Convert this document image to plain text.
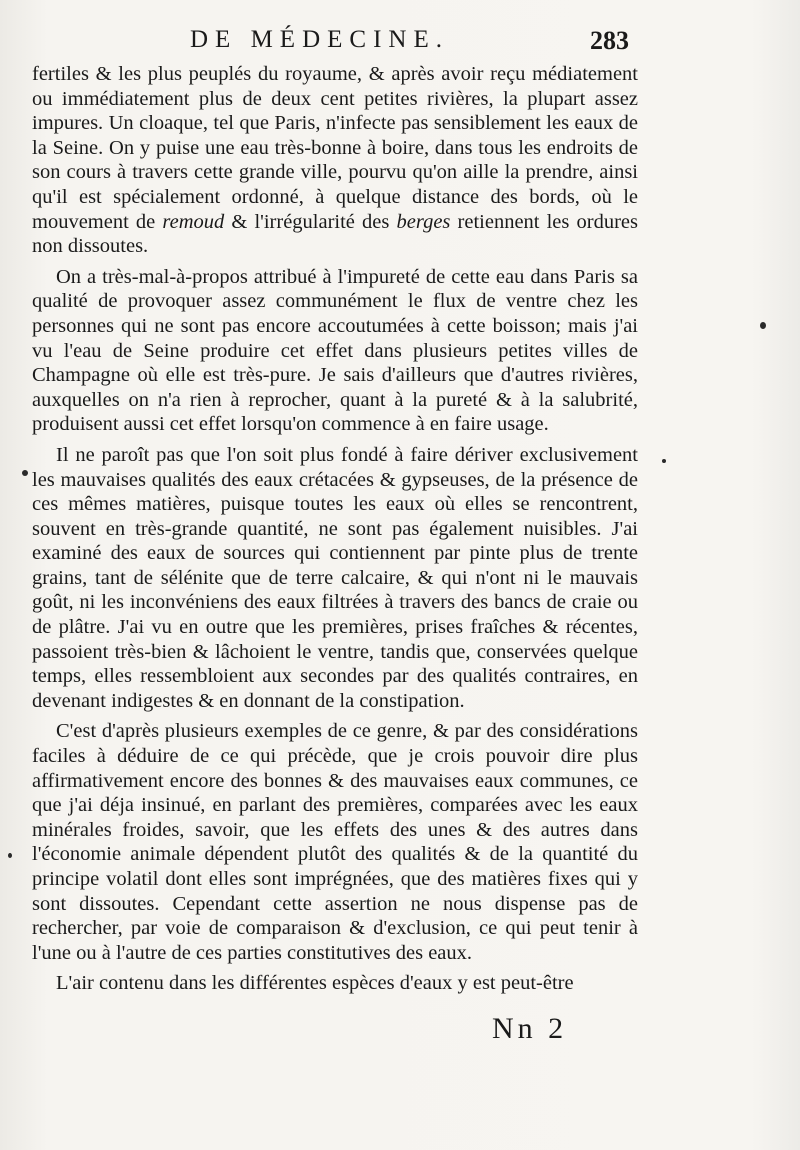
DE MÉDECINE.	283

fertiles & les plus peuplés du royaume, & après avoir reçu médiatement ou immédiatement plus de deux cent petites rivières, la plupart assez impures. Un cloaque, tel que Paris, n'infecte pas sensiblement les eaux de la Seine. On y puise une eau très-bonne à boire, dans tous les endroits de son cours à travers cette grande ville, pourvu qu'on aille la prendre, ainsi qu'il est spécialement ordonné, à quelque distance des bords, où le mouvement de remoud & l'irrégularité des berges retiennent les ordures non dissoutes.

On a très-mal-à-propos attribué à l'impureté de cette eau dans Paris sa qualité de provoquer assez communément le flux de ventre chez les personnes qui ne sont pas encore accoutumées à cette boisson; mais j'ai vu l'eau de Seine produire cet effet dans plusieurs petites villes de Champagne où elle est très-pure. Je sais d'ailleurs que d'autres rivières, auxquelles on n'a rien à reprocher, quant à la pureté & à la salubrité, produisent aussi cet effet lorsqu'on commence à en faire usage.

Il ne paroît pas que l'on soit plus fondé à faire dériver exclusivement les mauvaises qualités des eaux crétacées & gypseuses, de la présence de ces mêmes matières, puisque toutes les eaux où elles se rencontrent, souvent en très-grande quantité, ne sont pas également nuisibles. J'ai examiné des eaux de sources qui contiennent par pinte plus de trente grains, tant de sélénite que de terre calcaire, & qui n'ont ni le mauvais goût, ni les inconvéniens des eaux filtrées à travers des bancs de craie ou de plâtre. J'ai vu en outre que les premières, prises fraîches & récentes, passoient très-bien & lâchoient le ventre, tandis que, conservées quelque temps, elles ressembloient aux secondes par des qualités contraires, en devenant indigestes & en donnant de la constipation.

C'est d'après plusieurs exemples de ce genre, & par des considérations faciles à déduire de ce qui précède, que je crois pouvoir dire plus affirmativement encore des bonnes & des mauvaises eaux communes, ce que j'ai déja insinué, en parlant des premières, comparées avec les eaux minérales froides, savoir, que les effets des unes & des autres dans l'économie animale dépendent plutôt des qualités & de la quantité du principe volatil dont elles sont imprégnées, que des matières fixes qui y sont dissoutes. Cependant cette assertion ne nous dispense pas de rechercher, par voie de comparaison & d'exclusion, ce qui peut tenir à l'une ou à l'autre de ces parties constitutives des eaux.

L'air contenu dans les différentes espèces d'eaux y est peut-être

Nn 2
